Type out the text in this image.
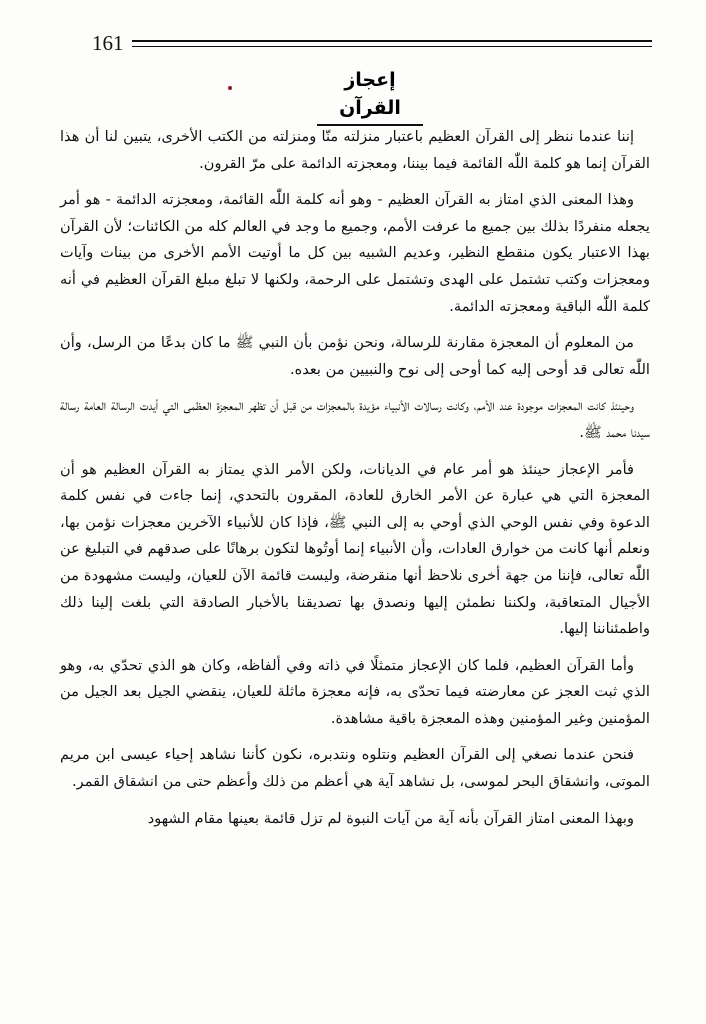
161
إعجاز القرآن

إننا عندما ننظر إلى القرآن العظيم باعتبار منزلته منّا ومنزلته من الكتب الأخرى، يتبين لنا أن هذا القرآن إنما هو كلمة اللّٰه القائمة فيما بيننا، ومعجزته الدائمة على مرّ القرون.

وهذا المعنى الذي امتاز به القرآن العظيم - وهو أنه كلمة اللّٰه القائمة، ومعجزته الدائمة - هو أمر يجعله منفردًا بذلك بين جميع ما عرفت الأمم، وجميع ما وجد في العالم كله من الكائنات؛ لأن القرآن بهذا الاعتبار يكون منقطع النظير، وعديم الشبيه بين كل ما أوتيت الأمم الأخرى من بينات وآيات ومعجزات وكتب تشتمل على الهدى وتشتمل على الرحمة، ولكنها لا تبلغ مبلغ القرآن العظيم في أنه كلمة اللّٰه الباقية ومعجزته الدائمة.

من المعلوم أن المعجزة مقارنة للرسالة، ونحن نؤمن بأن النبي ﷺ ما كان بدعًا من الرسل، وأن اللّٰه تعالى قد أوحى إليه كما أوحى إلى نوح والنبيين من بعده.

وحينئذ كانت المعجزات موجودة عند الأمم، وكانت رسالات الأنبياء مؤيدة بالمعجزات من قبل أن تظهر المعجزة العظمى التي أيدت الرسالة العامة رسالة سيدنا محمد ﷺ.

فأمر الإعجاز حينئذ هو أمر عام في الديانات، ولكن الأمر الذي يمتاز به القرآن العظيم هو أن المعجزة التي هي عبارة عن الأمر الخارق للعادة، المقرون بالتحدي، إنما جاءت في نفس كلمة الدعوة وفي نفس الوحي الذي أوحي به إلى النبي ﷺ، فإذا كان للأنبياء الآخرين معجزات نؤمن بها، ونعلم أنها كانت من خوارق العادات، وأن الأنبياء إنما أوتُوها لتكون برهانًا على صدقهم في التبليغ عن اللّٰه تعالى، فإننا من جهة أخرى نلاحظ أنها منقرضة، وليست قائمة الآن للعيان، وليست مشهودة من الأجيال المتعاقبة، ولكننا نطمئن إليها ونصدق بها تصديقنا بالأخبار الصادقة التي بلغت إلينا ذلك واطمئناننا إليها.

وأما القرآن العظيم، فلما كان الإعجاز متمثلًا في ذاته وفي ألفاظه، وكان هو الذي تحدّي به، وهو الذي ثبت العجز عن معارضته فيما تحدّى به، فإنه معجزة ماثلة للعيان، ينقضي الجيل بعد الجيل من المؤمنين وغير المؤمنين وهذه المعجزة باقية مشاهدة.

فنحن عندما نصغي إلى القرآن العظيم ونتلوه ونتدبره، نكون كأننا نشاهد إحياء عيسى ابن مريم الموتى، وانشقاق البحر لموسى، بل نشاهد آية هي أعظم من ذلك وأعظم حتى من انشقاق القمر.

وبهذا المعنى امتاز القرآن بأنه آية من آيات النبوة لم تزل قائمة بعينها مقام الشهود
